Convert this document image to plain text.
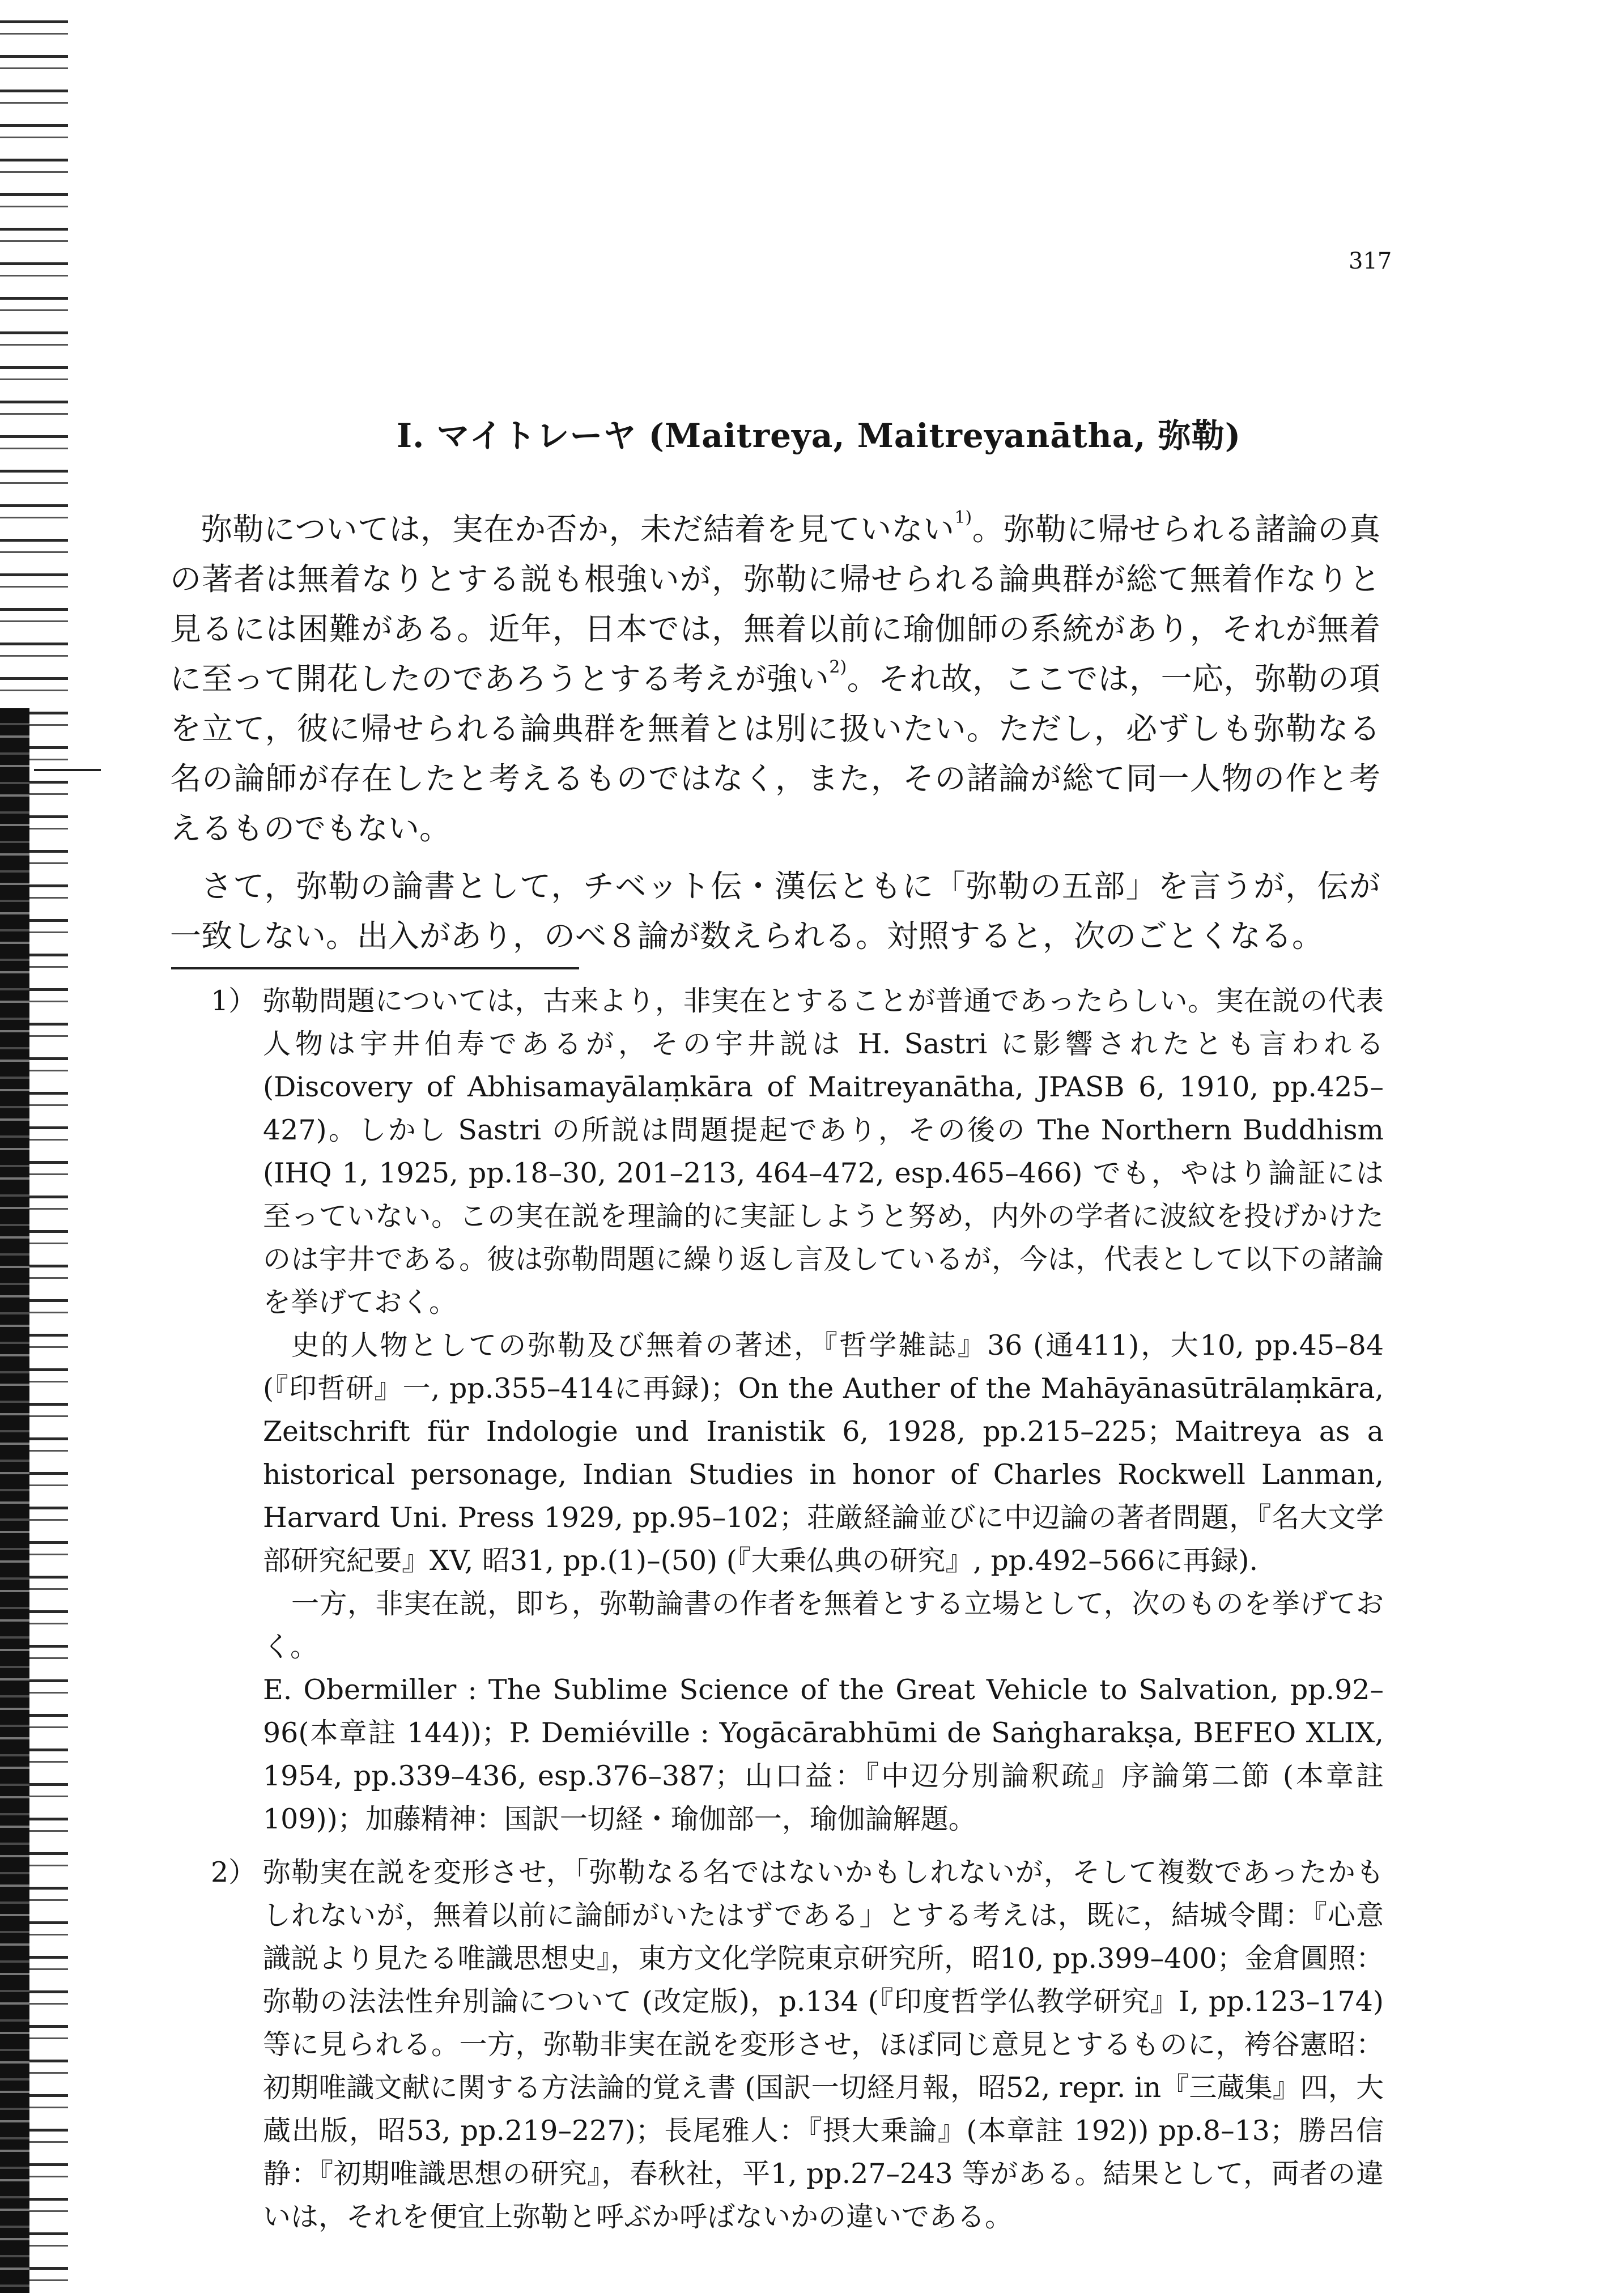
317
Ⅰ. マイトレーヤ (Maitreya, Maitreyanātha, 弥勒)

弥勒については，実在か否か，未だ結着を見ていない$^{1)}$。弥勒に帰せられる諸論の真の著者は無着なりとする説も根強いが，弥勒に帰せられる論典群が総て無着作なりと見るには困難がある。近年，日本では，無着以前に瑜伽師の系統があり，それが無着に至って開花したのであろうとする考えが強い$^{2)}$。それ故，ここでは，一応，弥勒の項を立て，彼に帰せられる論典群を無着とは別に扱いたい。ただし，必ずしも弥勒なる名の論師が存在したと考えるものではなく，また，その諸論が総て同一人物の作と考えるものでもない。

さて，弥勒の論書として，チベット伝・漢伝ともに「弥勒の五部」を言うが，伝が一致しない。出入があり，のべ８論が数えられる。対照すると，次のごとくなる。

1） 弥勒問題については，古来より，非実在とすることが普通であったらしい。実在説の代表人物は宇井伯寿であるが，その宇井説は H. Sastri に影響されたとも言われる(Discovery of Abhisamayālaṃkāra of Maitreyanātha, JPASB 6, 1910, pp.425–427)。しかし Sastri の所説は問題提起であり，その後の The Northern Buddhism (IHQ 1, 1925, pp.18–30, 201–213, 464–472, esp.465–466) でも，やはり論証には至っていない。この実在説を理論的に実証しようと努め，内外の学者に波紋を投げかけたのは宇井である。彼は弥勒問題に繰り返し言及しているが，今は，代表として以下の諸論を挙げておく。

史的人物としての弥勒及び無着の著述，『哲学雑誌』36 (通411)，大10, pp.45–84 (『印哲研』一, pp.355–414に再録)；On the Auther of the Mahāyānasūtrālaṃkāra, Zeitschrift für Indologie und Iranistik 6, 1928, pp.215–225；Maitreya as a historical personage, Indian Studies in honor of Charles Rockwell Lanman, Harvard Uni. Press 1929, pp.95–102；荘厳経論並びに中辺論の著者問題，『名大文学部研究紀要』XV, 昭31, pp.(1)–(50) (『大乗仏典の研究』, pp.492–566に再録).

一方，非実在説，即ち，弥勒論書の作者を無着とする立場として，次のものを挙げておく。

E. Obermiller : The Sublime Science of the Great Vehicle to Salvation, pp.92–96(本章註 144))；P. Demiéville : Yogācārabhūmi de Saṅgharakṣa, BEFEO XLIX, 1954, pp.339–436, esp.376–387；山口益：『中辺分別論釈疏』序論第二節 (本章註 109))；加藤精神：国訳一切経・瑜伽部一，瑜伽論解題。

2） 弥勒実在説を変形させ，「弥勒なる名ではないかもしれないが，そして複数であったかもしれないが，無着以前に論師がいたはずである」とする考えは，既に，結城令聞：『心意識説より見たる唯識思想史』，東方文化学院東京研究所，昭10, pp.399–400；金倉圓照：弥勒の法法性弁別論について (改定版)，p.134 (『印度哲学仏教学研究』Ⅰ, pp.123–174) 等に見られる。一方，弥勒非実在説を変形させ，ほぼ同じ意見とするものに，袴谷憲昭：初期唯識文献に関する方法論的覚え書 (国訳一切経月報，昭52, repr. in『三蔵集』四，大蔵出版，昭53, pp.219–227)；長尾雅人：『摂大乗論』(本章註 192)) pp.8–13；勝呂信静：『初期唯識思想の研究』，春秋社，平1, pp.27–243 等がある。結果として，両者の違いは，それを便宜上弥勒と呼ぶか呼ばないかの違いである。
